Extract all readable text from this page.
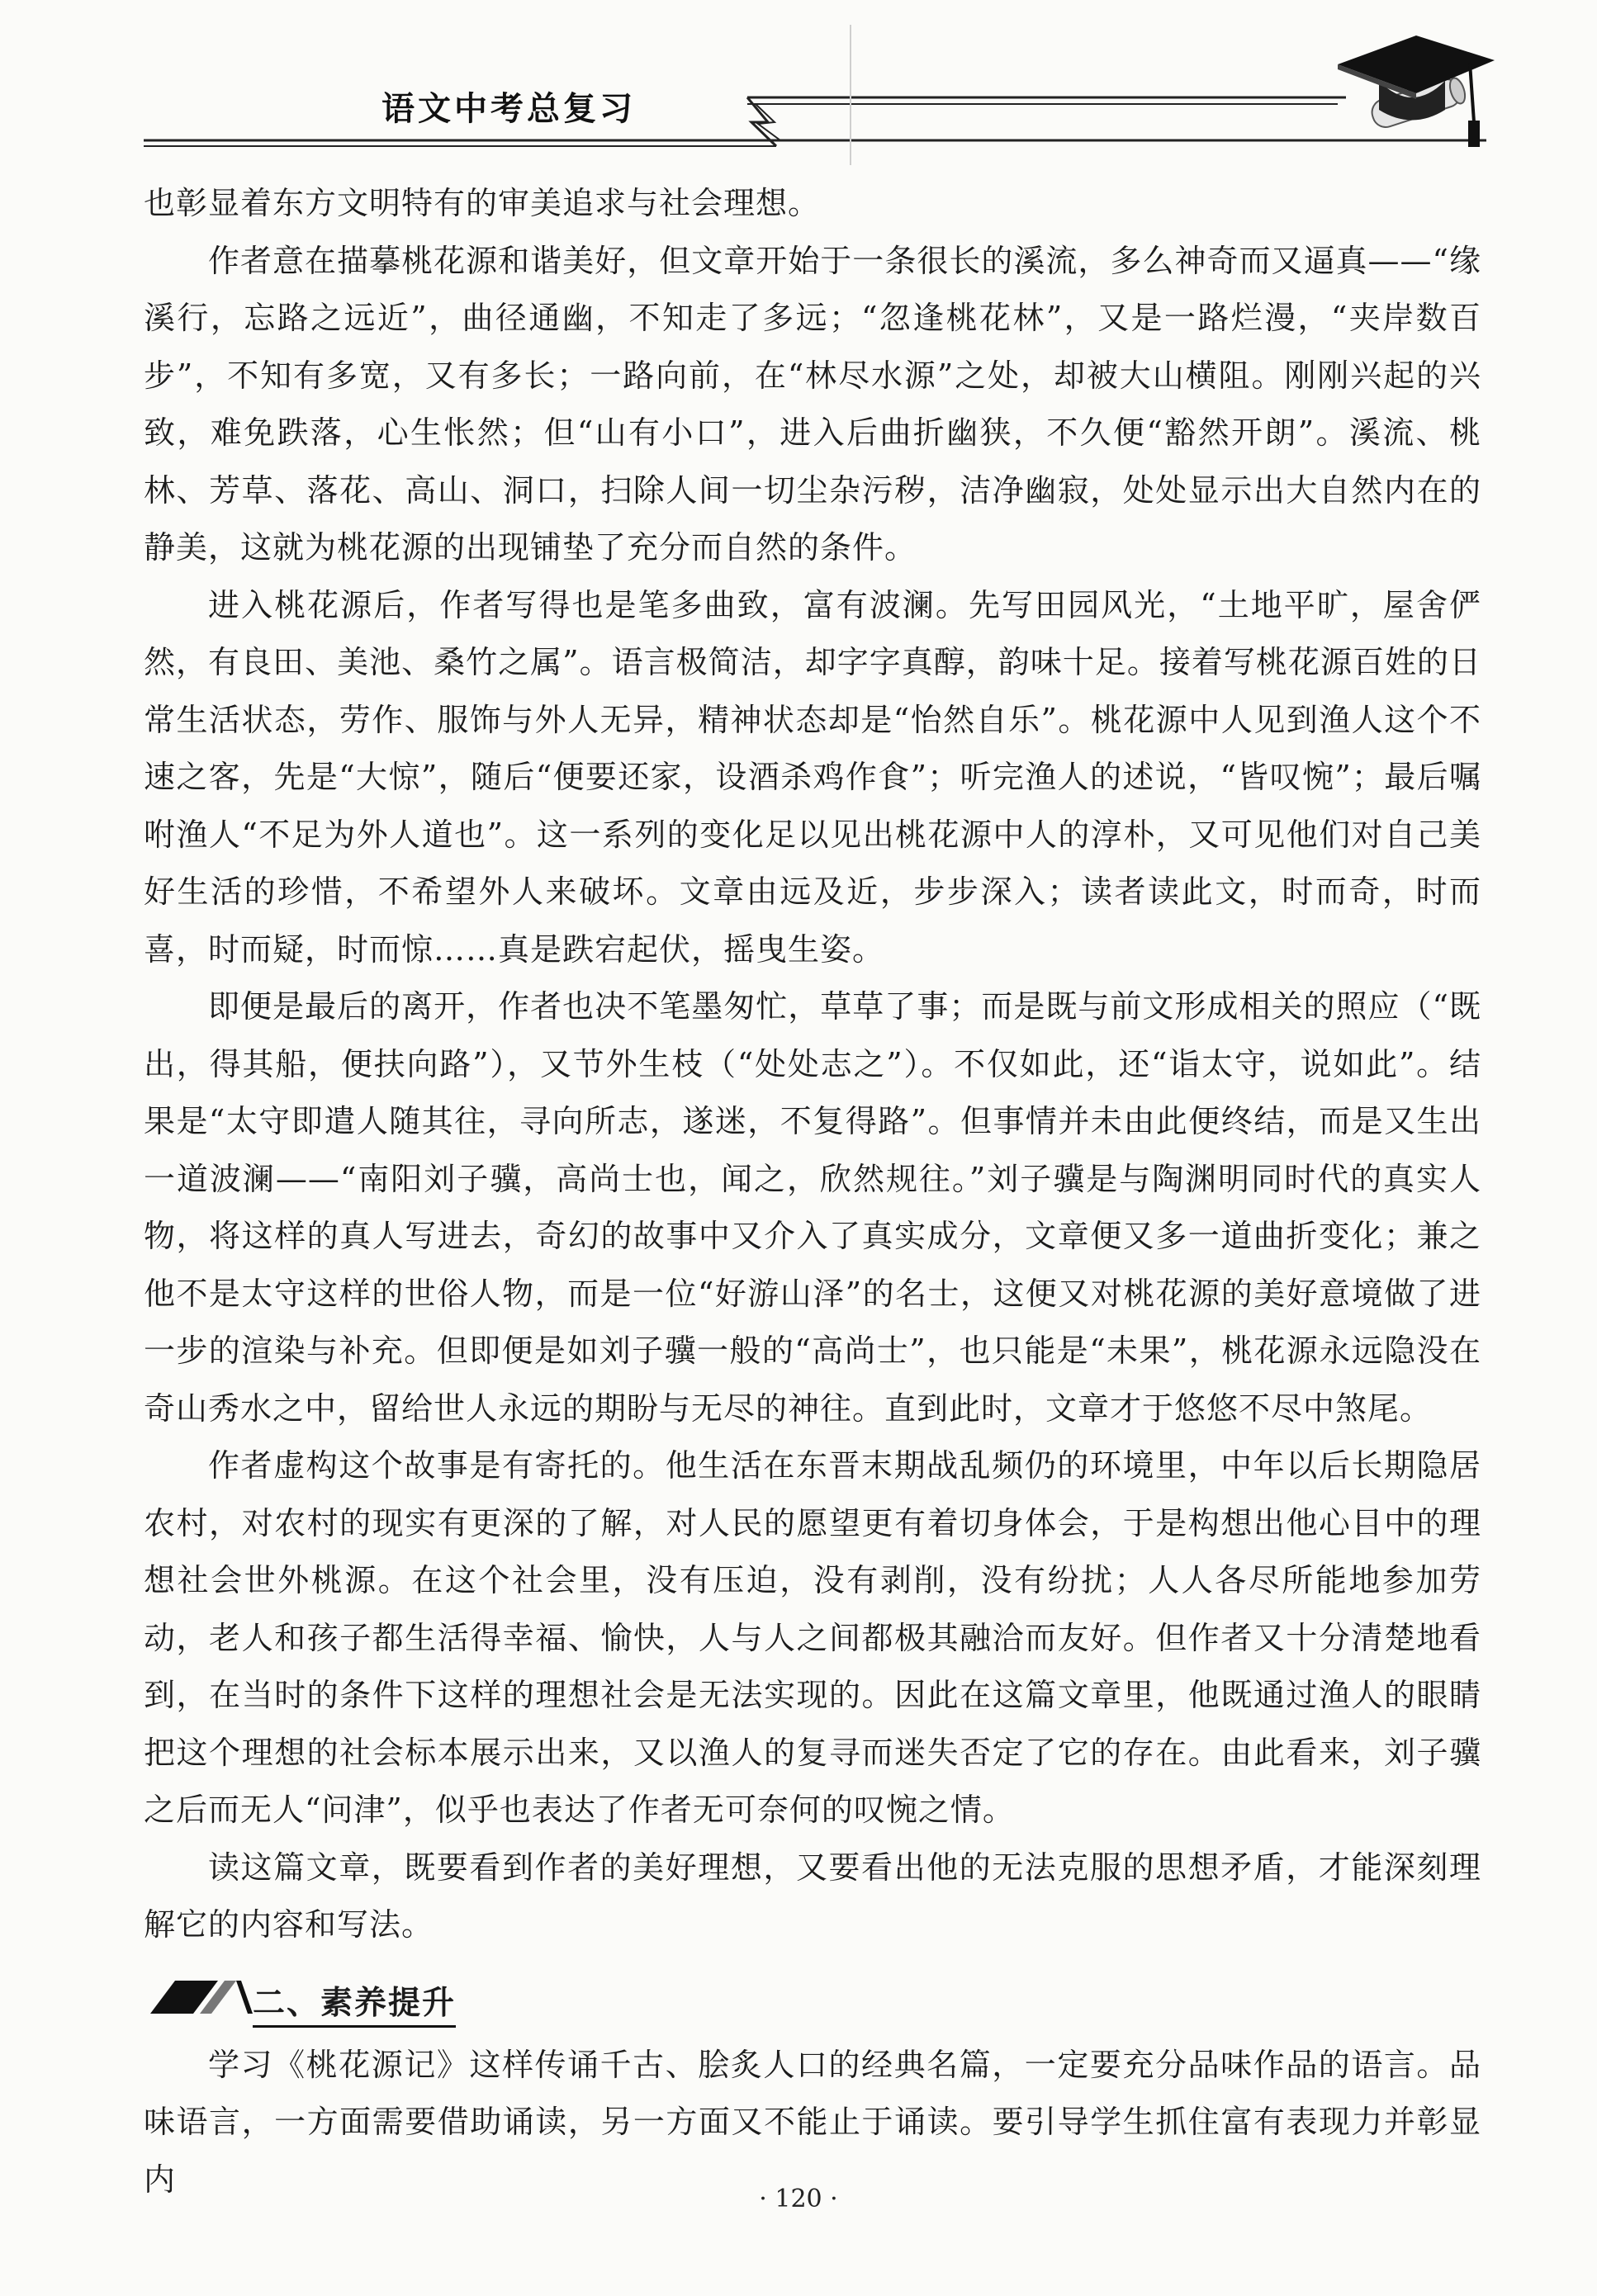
语文中考总复习

也彰显着东方文明特有的审美追求与社会理想。

作者意在描摹桃花源和谐美好，但文章开始于一条很长的溪流，多么神奇而又逼真——“缘溪行，忘路之远近”，曲径通幽，不知走了多远；“忽逢桃花林”，又是一路烂漫，“夹岸数百步”，不知有多宽，又有多长；一路向前，在“林尽水源”之处，却被大山横阻。刚刚兴起的兴致，难免跌落，心生怅然；但“山有小口”，进入后曲折幽狭，不久便“豁然开朗”。溪流、桃林、芳草、落花、高山、洞口，扫除人间一切尘杂污秽，洁净幽寂，处处显示出大自然内在的静美，这就为桃花源的出现铺垫了充分而自然的条件。

进入桃花源后，作者写得也是笔多曲致，富有波澜。先写田园风光，“土地平旷，屋舍俨然，有良田、美池、桑竹之属”。语言极简洁，却字字真醇，韵味十足。接着写桃花源百姓的日常生活状态，劳作、服饰与外人无异，精神状态却是“怡然自乐”。桃花源中人见到渔人这个不速之客，先是“大惊”，随后“便要还家，设酒杀鸡作食”；听完渔人的述说，“皆叹惋”；最后嘱咐渔人“不足为外人道也”。这一系列的变化足以见出桃花源中人的淳朴，又可见他们对自己美好生活的珍惜，不希望外人来破坏。文章由远及近，步步深入；读者读此文，时而奇，时而喜，时而疑，时而惊……真是跌宕起伏，摇曳生姿。

即便是最后的离开，作者也决不笔墨匆忙，草草了事；而是既与前文形成相关的照应（“既出，得其船，便扶向路”），又节外生枝（“处处志之”）。不仅如此，还“诣太守，说如此”。结果是“太守即遣人随其往，寻向所志，遂迷，不复得路”。但事情并未由此便终结，而是又生出一道波澜——“南阳刘子骥，高尚士也，闻之，欣然规往。”刘子骥是与陶渊明同时代的真实人物，将这样的真人写进去，奇幻的故事中又介入了真实成分，文章便又多一道曲折变化；兼之他不是太守这样的世俗人物，而是一位“好游山泽”的名士，这便又对桃花源的美好意境做了进一步的渲染与补充。但即便是如刘子骥一般的“高尚士”，也只能是“未果”，桃花源永远隐没在奇山秀水之中，留给世人永远的期盼与无尽的神往。直到此时，文章才于悠悠不尽中煞尾。

作者虚构这个故事是有寄托的。他生活在东晋末期战乱频仍的环境里，中年以后长期隐居农村，对农村的现实有更深的了解，对人民的愿望更有着切身体会，于是构想出他心目中的理想社会世外桃源。在这个社会里，没有压迫，没有剥削，没有纷扰；人人各尽所能地参加劳动，老人和孩子都生活得幸福、愉快，人与人之间都极其融洽而友好。但作者又十分清楚地看到，在当时的条件下这样的理想社会是无法实现的。因此在这篇文章里，他既通过渔人的眼睛把这个理想的社会标本展示出来，又以渔人的复寻而迷失否定了它的存在。由此看来，刘子骥之后而无人“问津”，似乎也表达了作者无可奈何的叹惋之情。

读这篇文章，既要看到作者的美好理想，又要看出他的无法克服的思想矛盾，才能深刻理解它的内容和写法。

二、素养提升

学习《桃花源记》这样传诵千古、脍炙人口的经典名篇，一定要充分品味作品的语言。品味语言，一方面需要借助诵读，另一方面又不能止于诵读。要引导学生抓住富有表现力并彰显内

· 120 ·
